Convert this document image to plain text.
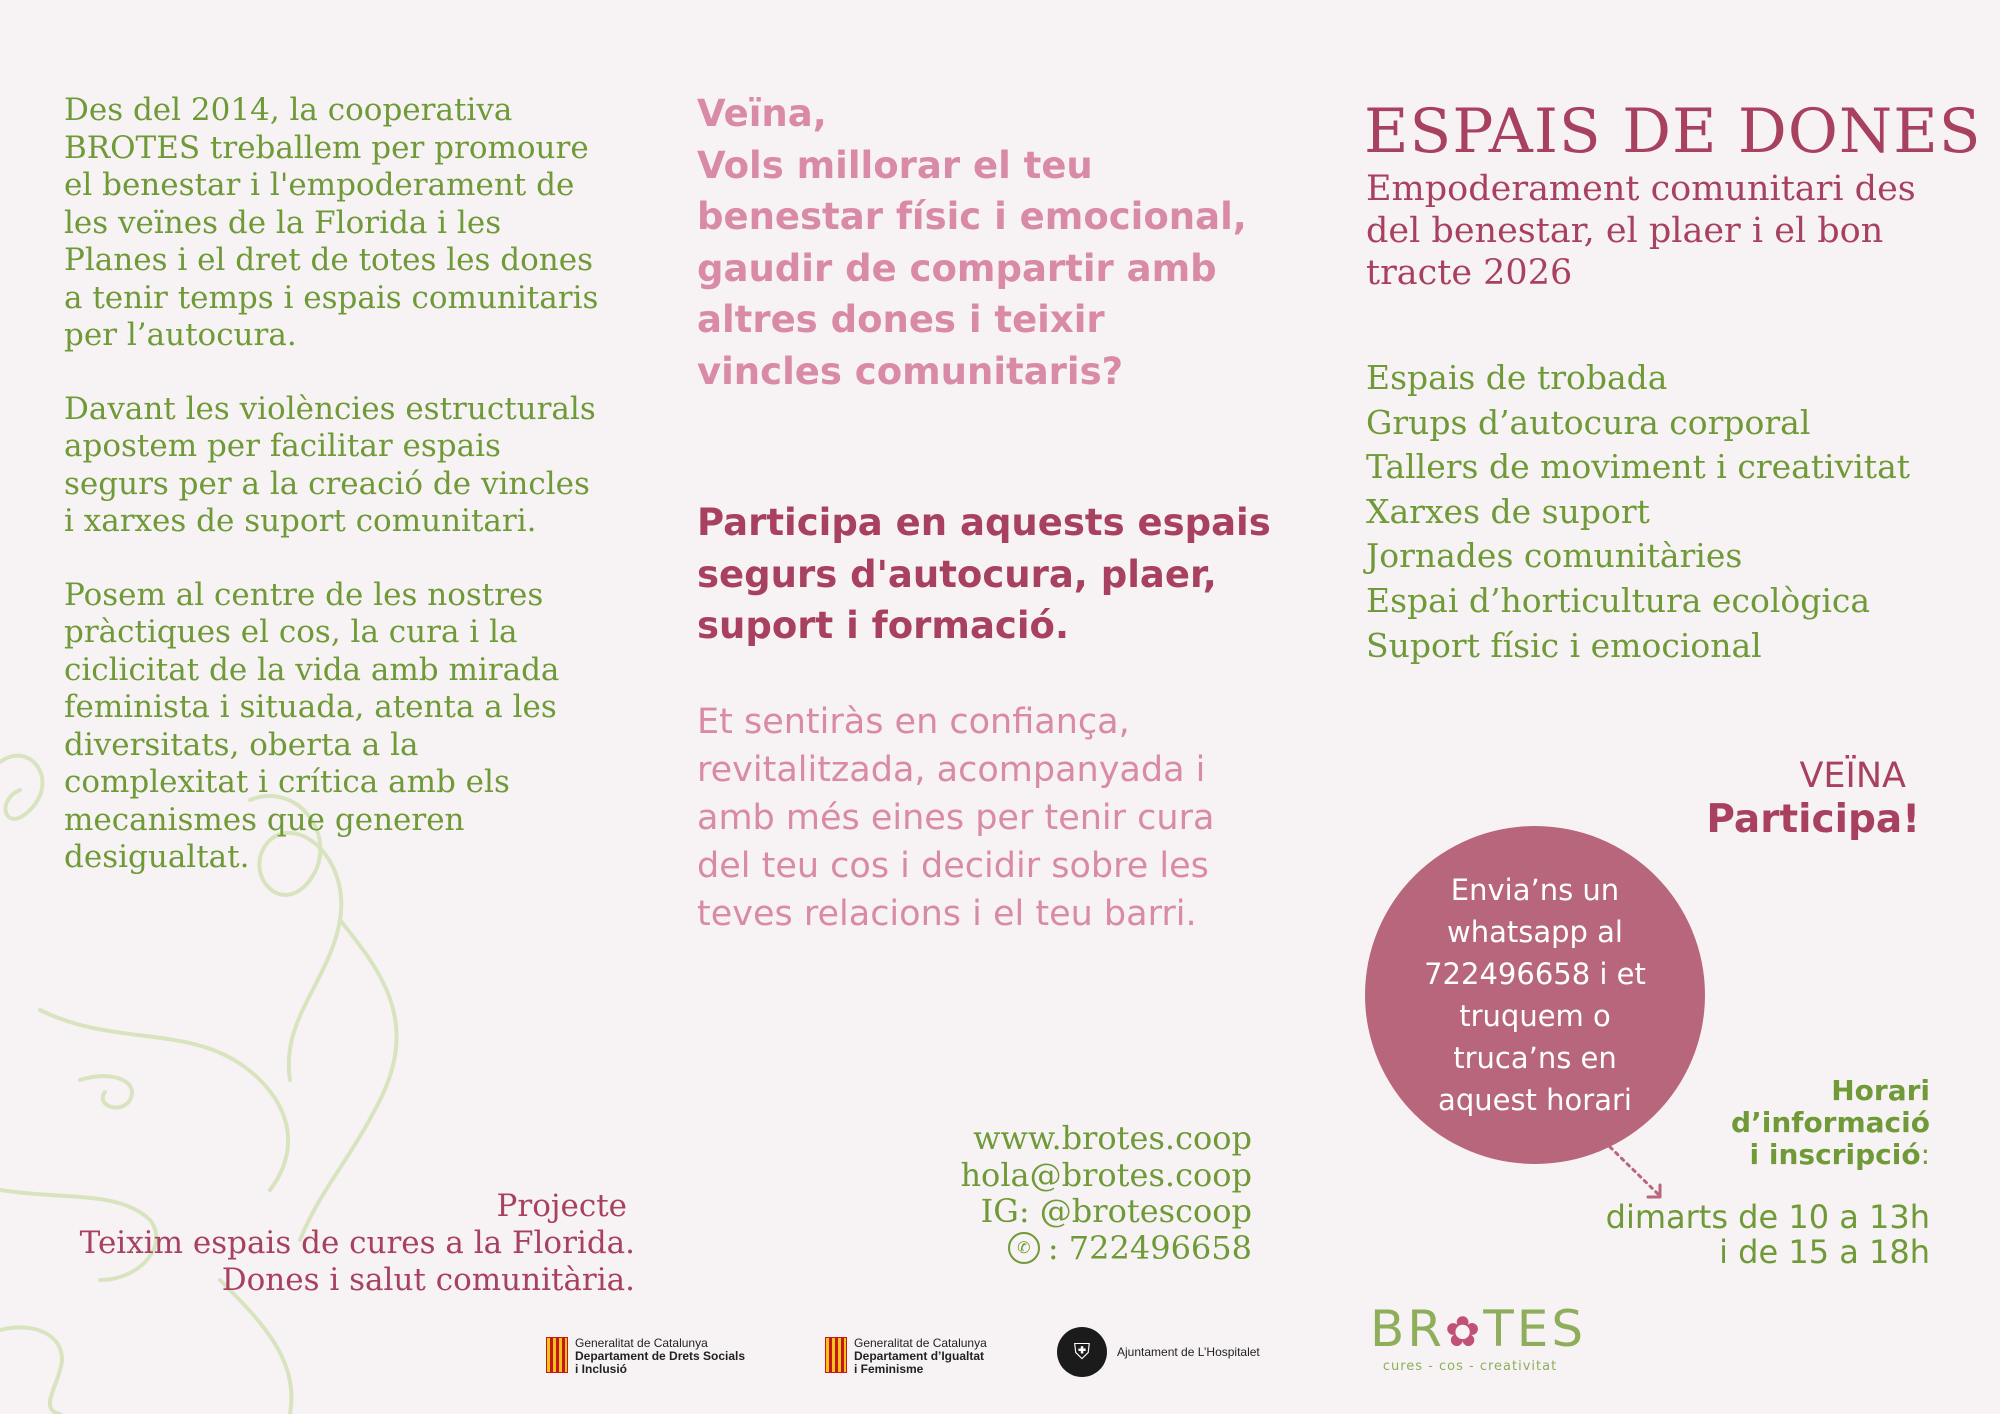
Des del 2014, la cooperativa BROTES treballem per promoure el benestar i l'empoderament de les veïnes de la Florida i les Planes i el dret de totes les dones a tenir temps i espais comunitaris per l’autocura.

Davant les violències estructurals apostem per facilitar espais segurs per a la creació de vincles i xarxes de suport comunitari.

Posem al centre de les nostres pràctiques el cos, la cura i la ciclicitat de la vida amb mirada feminista i situada, atenta a les diversitats, oberta a la complexitat i crítica amb els mecanismes que generen desigualtat.

Projecte
Teixim espais de cures a la Florida.
Dones i salut comunitària.
Veïna,
Vols millorar el teu benestar físic i emocional, gaudir de compartir amb altres dones i teixir vincles comunitaris?
Participa en aquests espais segurs d'autocura, plaer, suport i formació.
Et sentiràs en confiança, revitalitzada, acompanyada i amb més eines per tenir cura del teu cos i decidir sobre les teves relacions i el teu barri.
www.brotes.coop
hola@brotes.coop
IG: @brotescoop
✆ : 722496658
ESPAIS DE DONES
Empoderament comunitari des del benestar, el plaer i el bon tracte 2026
Espais de trobada
Grups d’autocura corporal
Tallers de moviment i creativitat
Xarxes de suport
Jornades comunitàries
Espai d’horticultura ecològica
Suport físic i emocional
VEÏNA
Participa!
Envia’ns un whatsapp al 722496658 i et truquem o truca’ns en aquest horari	Horari
d’informació
i inscripció:
dimarts de 10 a 13h
i de 15 a 18h
Generalitat de Catalunya
Departament de Drets Socials
i Inclusió
Generalitat de Catalunya
Departament d’Igualtat
i Feminisme
⛨	Ajuntament de L’Hospitalet BR✿TES
cures - cos - creativitat
